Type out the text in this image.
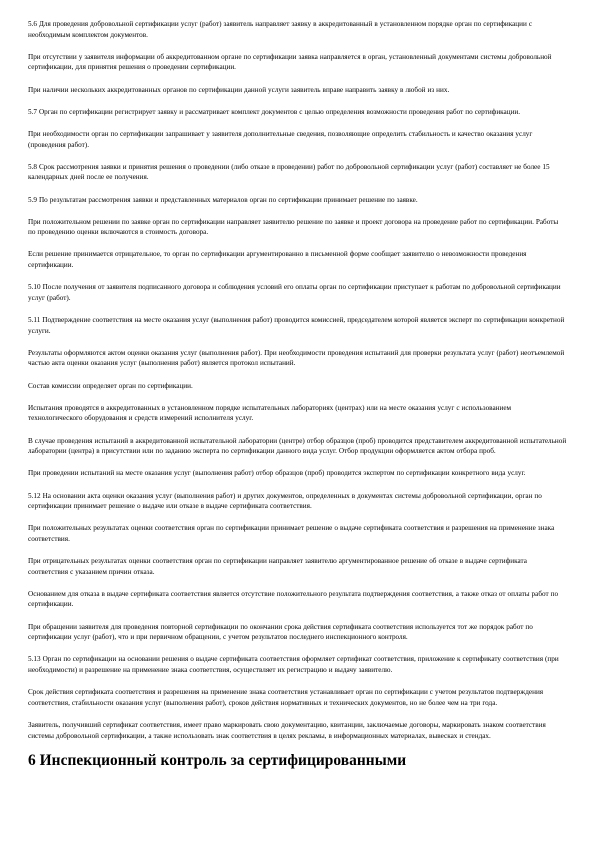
5.6 Для проведения добровольной сертификации услуг (работ) заявитель направляет заявку в аккредитованный в установленном порядке орган по сертификации с необходимым комплектом документов.

При отсутствии у заявителя информации об аккредитованном органе по сертификации заявка направляется в орган, установленный документами системы добровольной сертификации, для принятия решения о проведении сертификации.

При наличии нескольких аккредитованных органов по сертификации данной услуги заявитель вправе направить заявку в любой из них.

5.7 Орган по сертификации регистрирует заявку и рассматривает комплект документов с целью определения возможности проведения работ по сертификации.

При необходимости орган по сертификации запрашивает у заявителя дополнительные сведения, позволяющие определить стабильность и качество оказания услуг (проведения работ).

5.8 Срок рассмотрения заявки и принятия решения о проведении (либо отказе в проведении) работ по добровольной сертификации услуг (работ) составляет не более 15 календарных дней после ее получения.

5.9 По результатам рассмотрения заявки и представленных материалов орган по сертификации принимает решение по заявке.

При положительном решении по заявке орган по сертификации направляет заявителю решение по заявке и проект договора на проведение работ по сертификации. Работы по проведению оценки включаются в стоимость договора.

Если решение принимается отрицательное, то орган по сертификации аргументированно в письменной форме сообщает заявителю о невозможности проведения сертификации.

5.10 После получения от заявителя подписанного договора и соблюдения условий его оплаты орган по сертификации приступает к работам по добровольной сертификации услуг (работ).

5.11 Подтверждение соответствия на месте оказания услуг (выполнения работ) проводится комиссией, председателем которой является эксперт по сертификации конкретной услуги.

Результаты оформляются актом оценки оказания услуг (выполнения работ). При необходимости проведения испытаний для проверки результата услуг (работ) неотъемлемой частью акта оценки оказания услуг (выполнения работ) является протокол испытаний.

Состав комиссии определяет орган по сертификации.

Испытания проводятся в аккредитованных в установленном порядке испытательных лабораториях (центрах) или на месте оказания услуг с использованием технологического оборудования и средств измерений исполнителя услуг.

В случае проведения испытаний в аккредитованной испытательной лаборатории (центре) отбор образцов (проб) проводится представителем аккредитованной испытательной лаборатории (центра) в присутствии или по заданию эксперта по сертификации данного вида услуг. Отбор продукции оформляется актом отбора проб.

При проведении испытаний на месте оказания услуг (выполнения работ) отбор образцов (проб) проводится экспертом по сертификации конкретного вида услуг.

5.12 На основании акта оценки оказания услуг (выполнения работ) и других документов, определенных в документах системы добровольной сертификации, орган по сертификации принимает решение о выдаче или отказе в выдаче сертификата соответствия.

При положительных результатах оценки соответствия орган по сертификации принимает решение о выдаче сертификата соответствия и разрешения на применение знака соответствия.

При отрицательных результатах оценки соответствия орган по сертификации направляет заявителю аргументированное решение об отказе в выдаче сертификата соответствия с указанием причин отказа.

Основанием для отказа в выдаче сертификата соответствия является отсутствие положительного результата подтверждения соответствия, а также отказ от оплаты работ по сертификации.

При обращении заявителя для проведения повторной сертификации по окончании срока действия сертификата соответствия используется тот же порядок работ по сертификации услуг (работ), что и при первичном обращении, с учетом результатов последнего инспекционного контроля.

5.13 Орган по сертификации на основании решения о выдаче сертификата соответствия оформляет сертификат соответствия, приложение к сертификату соответствия (при необходимости) и разрешение на применение знака соответствия, осуществляет их регистрацию и выдачу заявителю.

Срок действия сертификата соответствия и разрешения на применение знака соответствия устанавливает орган по сертификации с учетом результатов подтверждения соответствия, стабильности оказания услуг (выполнения работ), сроков действия нормативных и технических документов, но не более чем на три года.

Заявитель, получивший сертификат соответствия, имеет право маркировать свою документацию, квитанции, заключаемые договоры, маркировать знаком соответствия системы добровольной сертификации, а также использовать знак соответствия в целях рекламы, в информационных материалах, вывесках и стендах.

6 Инспекционный контроль за сертифицированными
